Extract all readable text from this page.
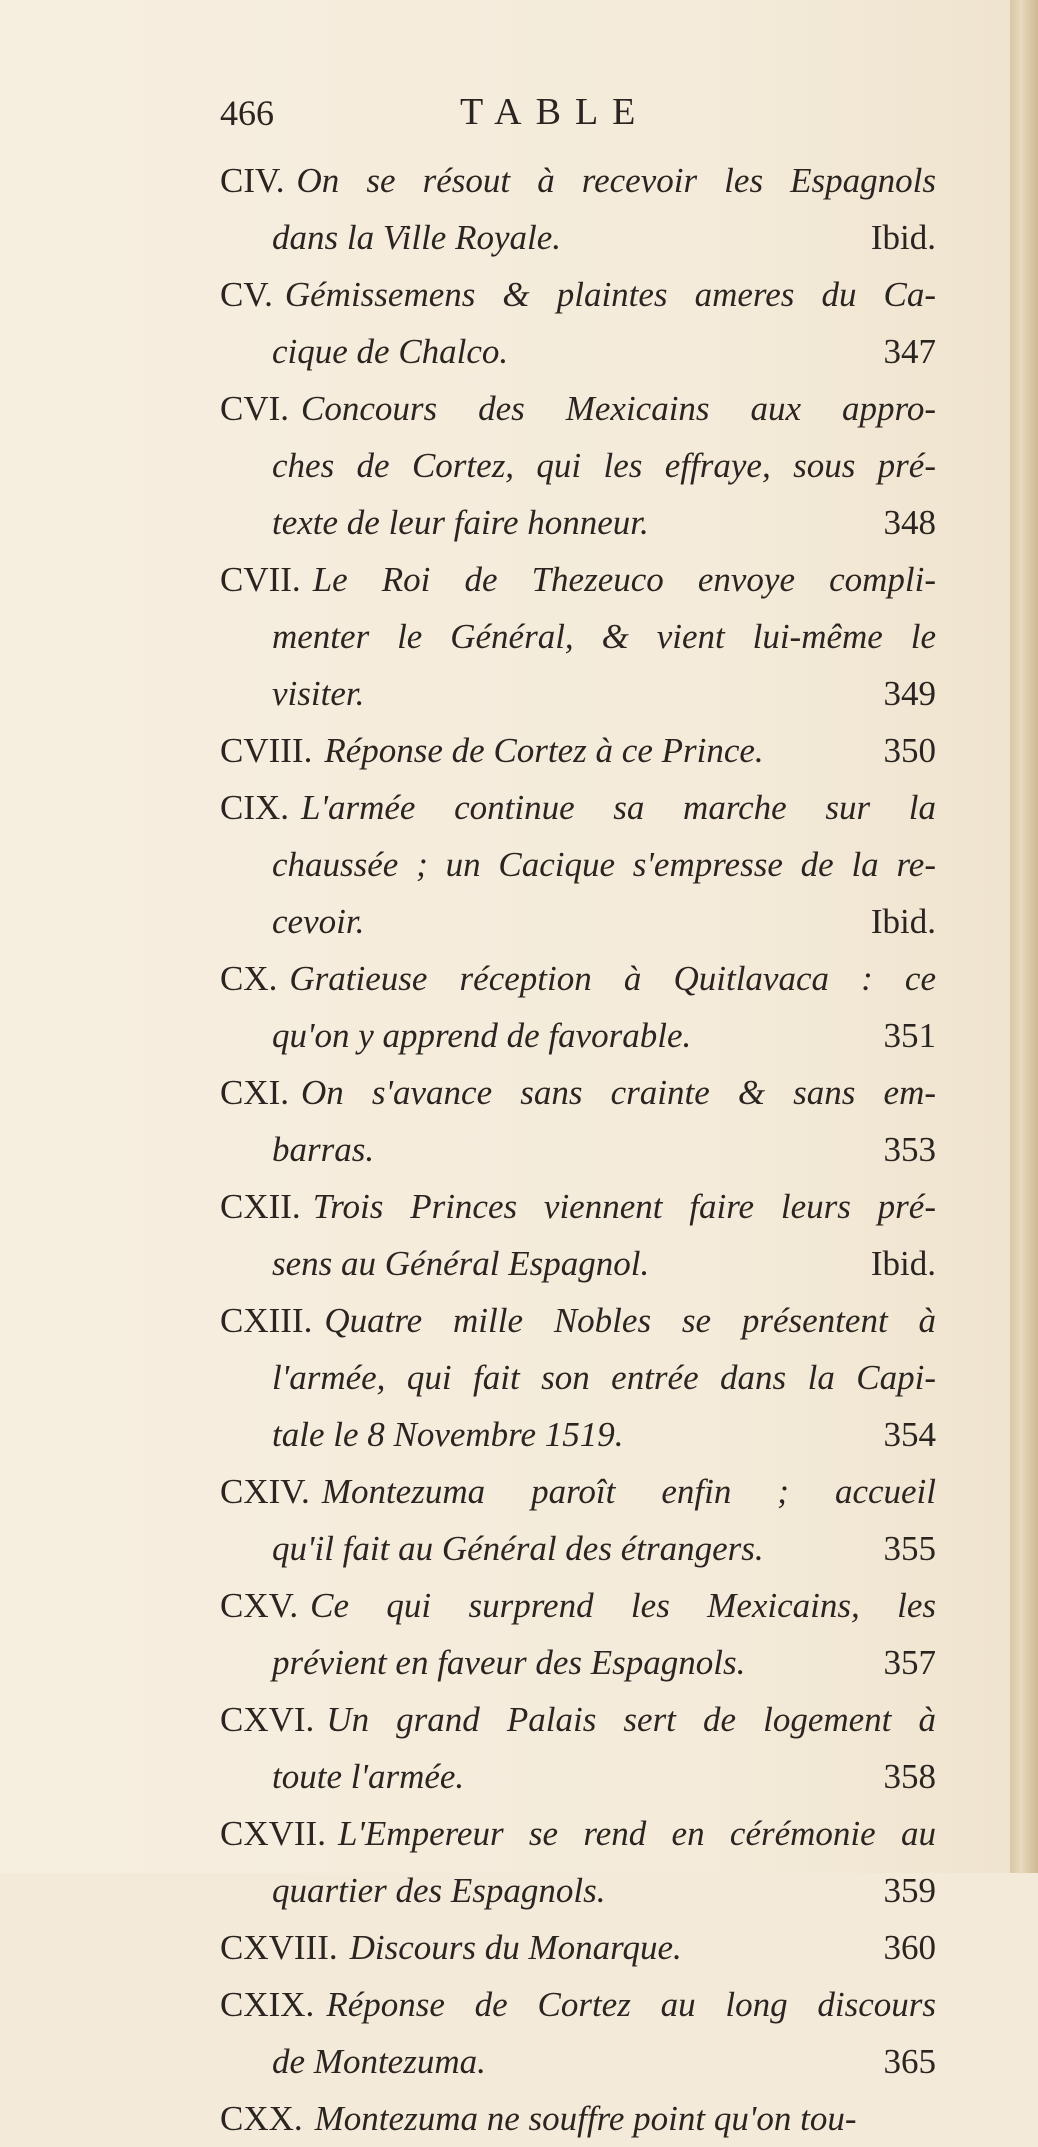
466	TABLE
CIV. On se résout à recevoir les Espagnols
dans la Ville Royale.	Ibid.
CV. Gémissemens & plaintes ameres du Ca-
cique de Chalco.	347
CVI. Concours des Mexicains aux appro-
ches de Cortez, qui les effraye, sous pré-
texte de leur faire honneur.	348
CVII. Le Roi de Thezeuco envoye compli-
menter le Général, & vient lui-même le
visiter.	349
CVIII. Réponse de Cortez à ce Prince.	350
CIX. L'armée continue sa marche sur la
chaussée ; un Cacique s'empresse de la re-
cevoir.	Ibid.
CX. Gratieuse réception à Quitlavaca : ce
qu'on y apprend de favorable.	351
CXI. On s'avance sans crainte & sans em-
barras.	353
CXII. Trois Princes viennent faire leurs pré-
sens au Général Espagnol.	Ibid.
CXIII. Quatre mille Nobles se présentent à
l'armée, qui fait son entrée dans la Capi-
tale le 8 Novembre 1519.	354
CXIV. Montezuma paroît enfin ; accueil
qu'il fait au Général des étrangers.	355
CXV. Ce qui surprend les Mexicains, les
prévient en faveur des Espagnols.	357
CXVI. Un grand Palais sert de logement à
toute l'armée.	358
CXVII. L'Empereur se rend en cérémonie au
quartier des Espagnols.	359
CXVIII. Discours du Monarque.	360
CXIX. Réponse de Cortez au long discours
de Montezuma.	365
CXX. Montezuma ne souffre point qu'on tou-
